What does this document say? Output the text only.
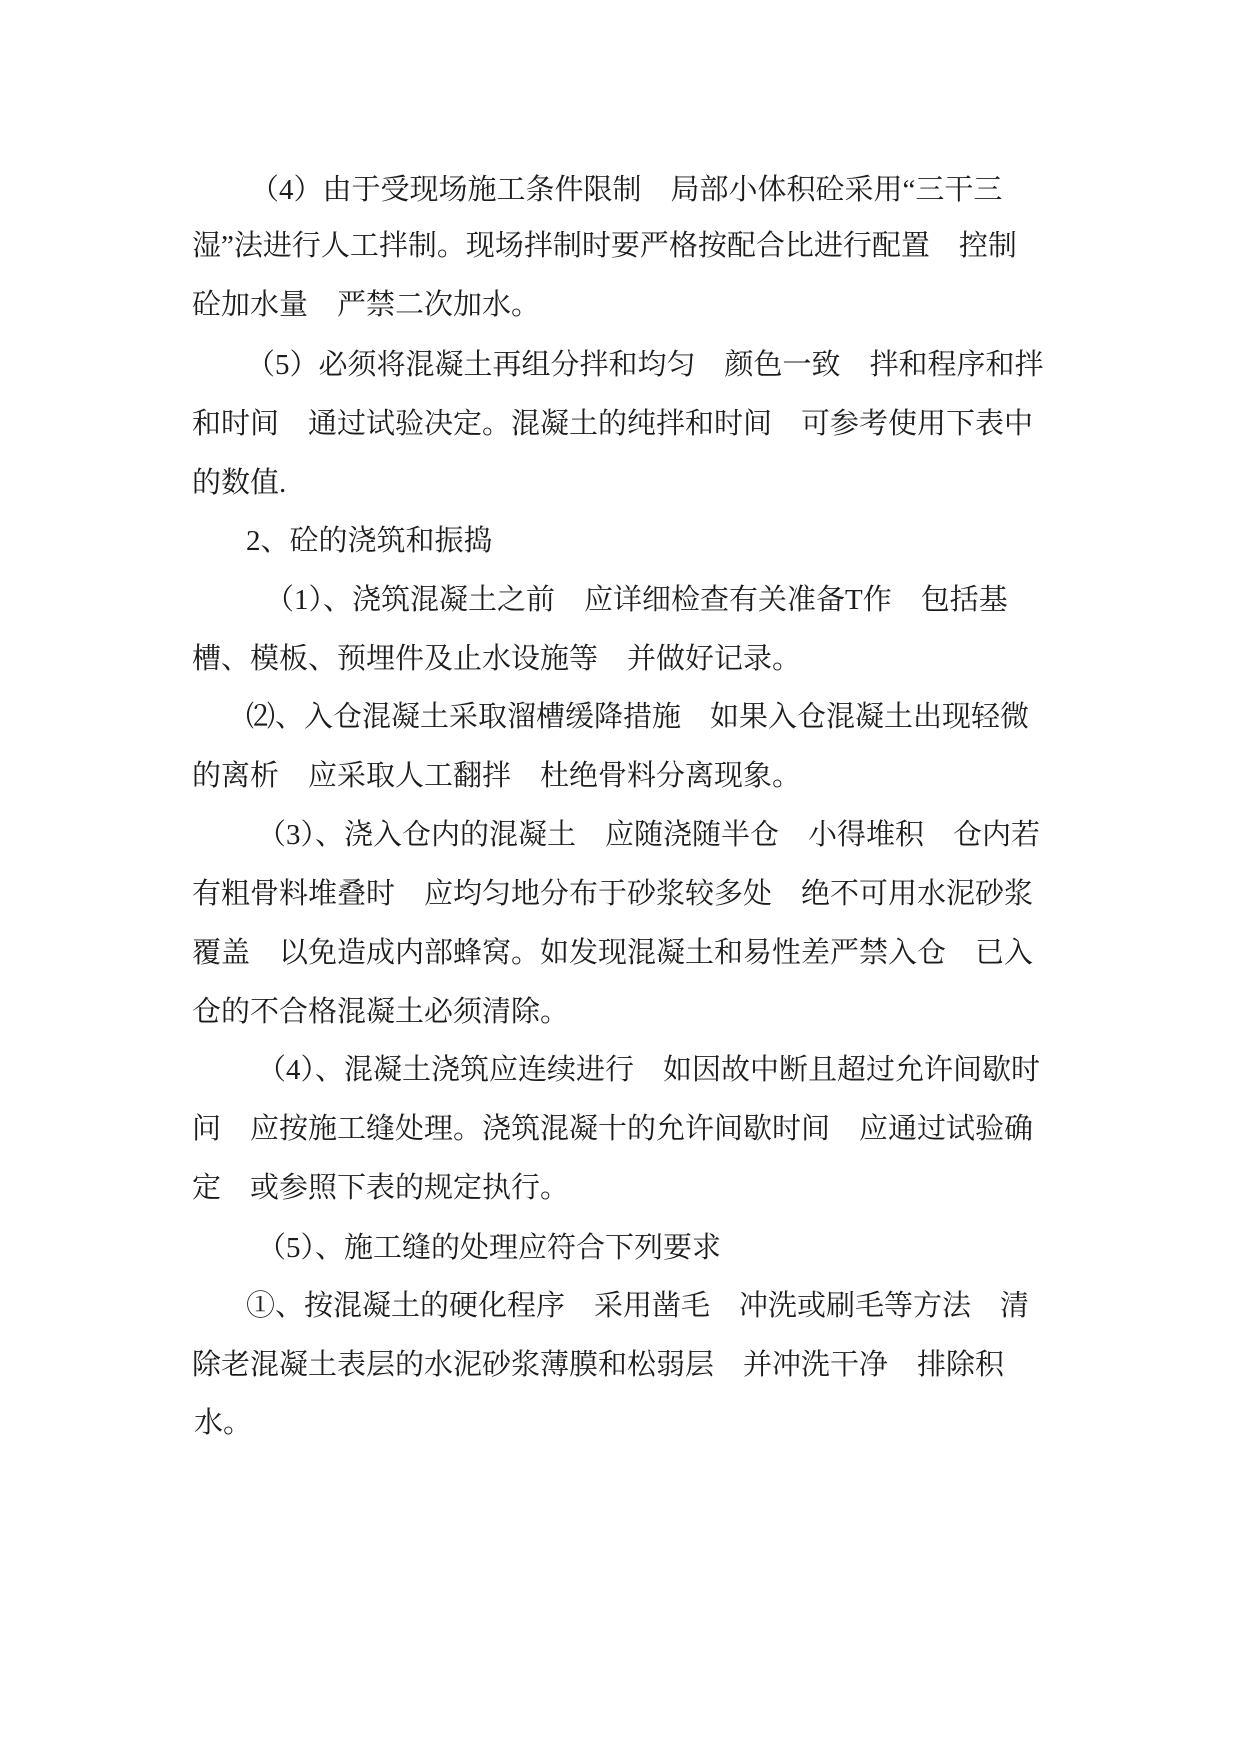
（4）由于受现场施工条件限制　局部小体积砼采用“三干三
湿”法进行人工拌制。现场拌制时要严格按配合比进行配置　控制
砼加水量　严禁二次加水。
（5）必须将混凝土再组分拌和均匀　颜色一致　拌和程序和拌
和时间　通过试验决定。混凝土的纯拌和时间　可参考使用下表中
的数值.
2、砼的浇筑和振捣
（1）、浇筑混凝土之前　应详细检查有关准备T作　包括基
槽、模板、预埋件及止水设施等　并做好记录。
⑵、入仓混凝土采取溜槽缓降措施　如果入仓混凝土出现轻微
的离析　应采取人工翻拌　杜绝骨料分离现象。
（3）、浇入仓内的混凝土　应随浇随半仓　小得堆积　仓内若
有粗骨料堆叠时　应均匀地分布于砂浆较多处　绝不可用水泥砂浆
覆盖　以免造成内部蜂窝。如发现混凝土和易性差严禁入仓　已入
仓的不合格混凝土必须清除。
（4）、混凝土浇筑应连续进行　如因故中断且超过允许间歇时
问　应按施工缝处理。浇筑混凝十的允许间歇时间　应通过试验确
定　或参照下表的规定执行。
（5）、施工缝的处理应符合下列要求
①、按混凝土的硬化程序　采用凿毛　冲洗或刷毛等方法　清
除老混凝土表层的水泥砂浆薄膜和松弱层　并冲洗干净　排除积
水。
